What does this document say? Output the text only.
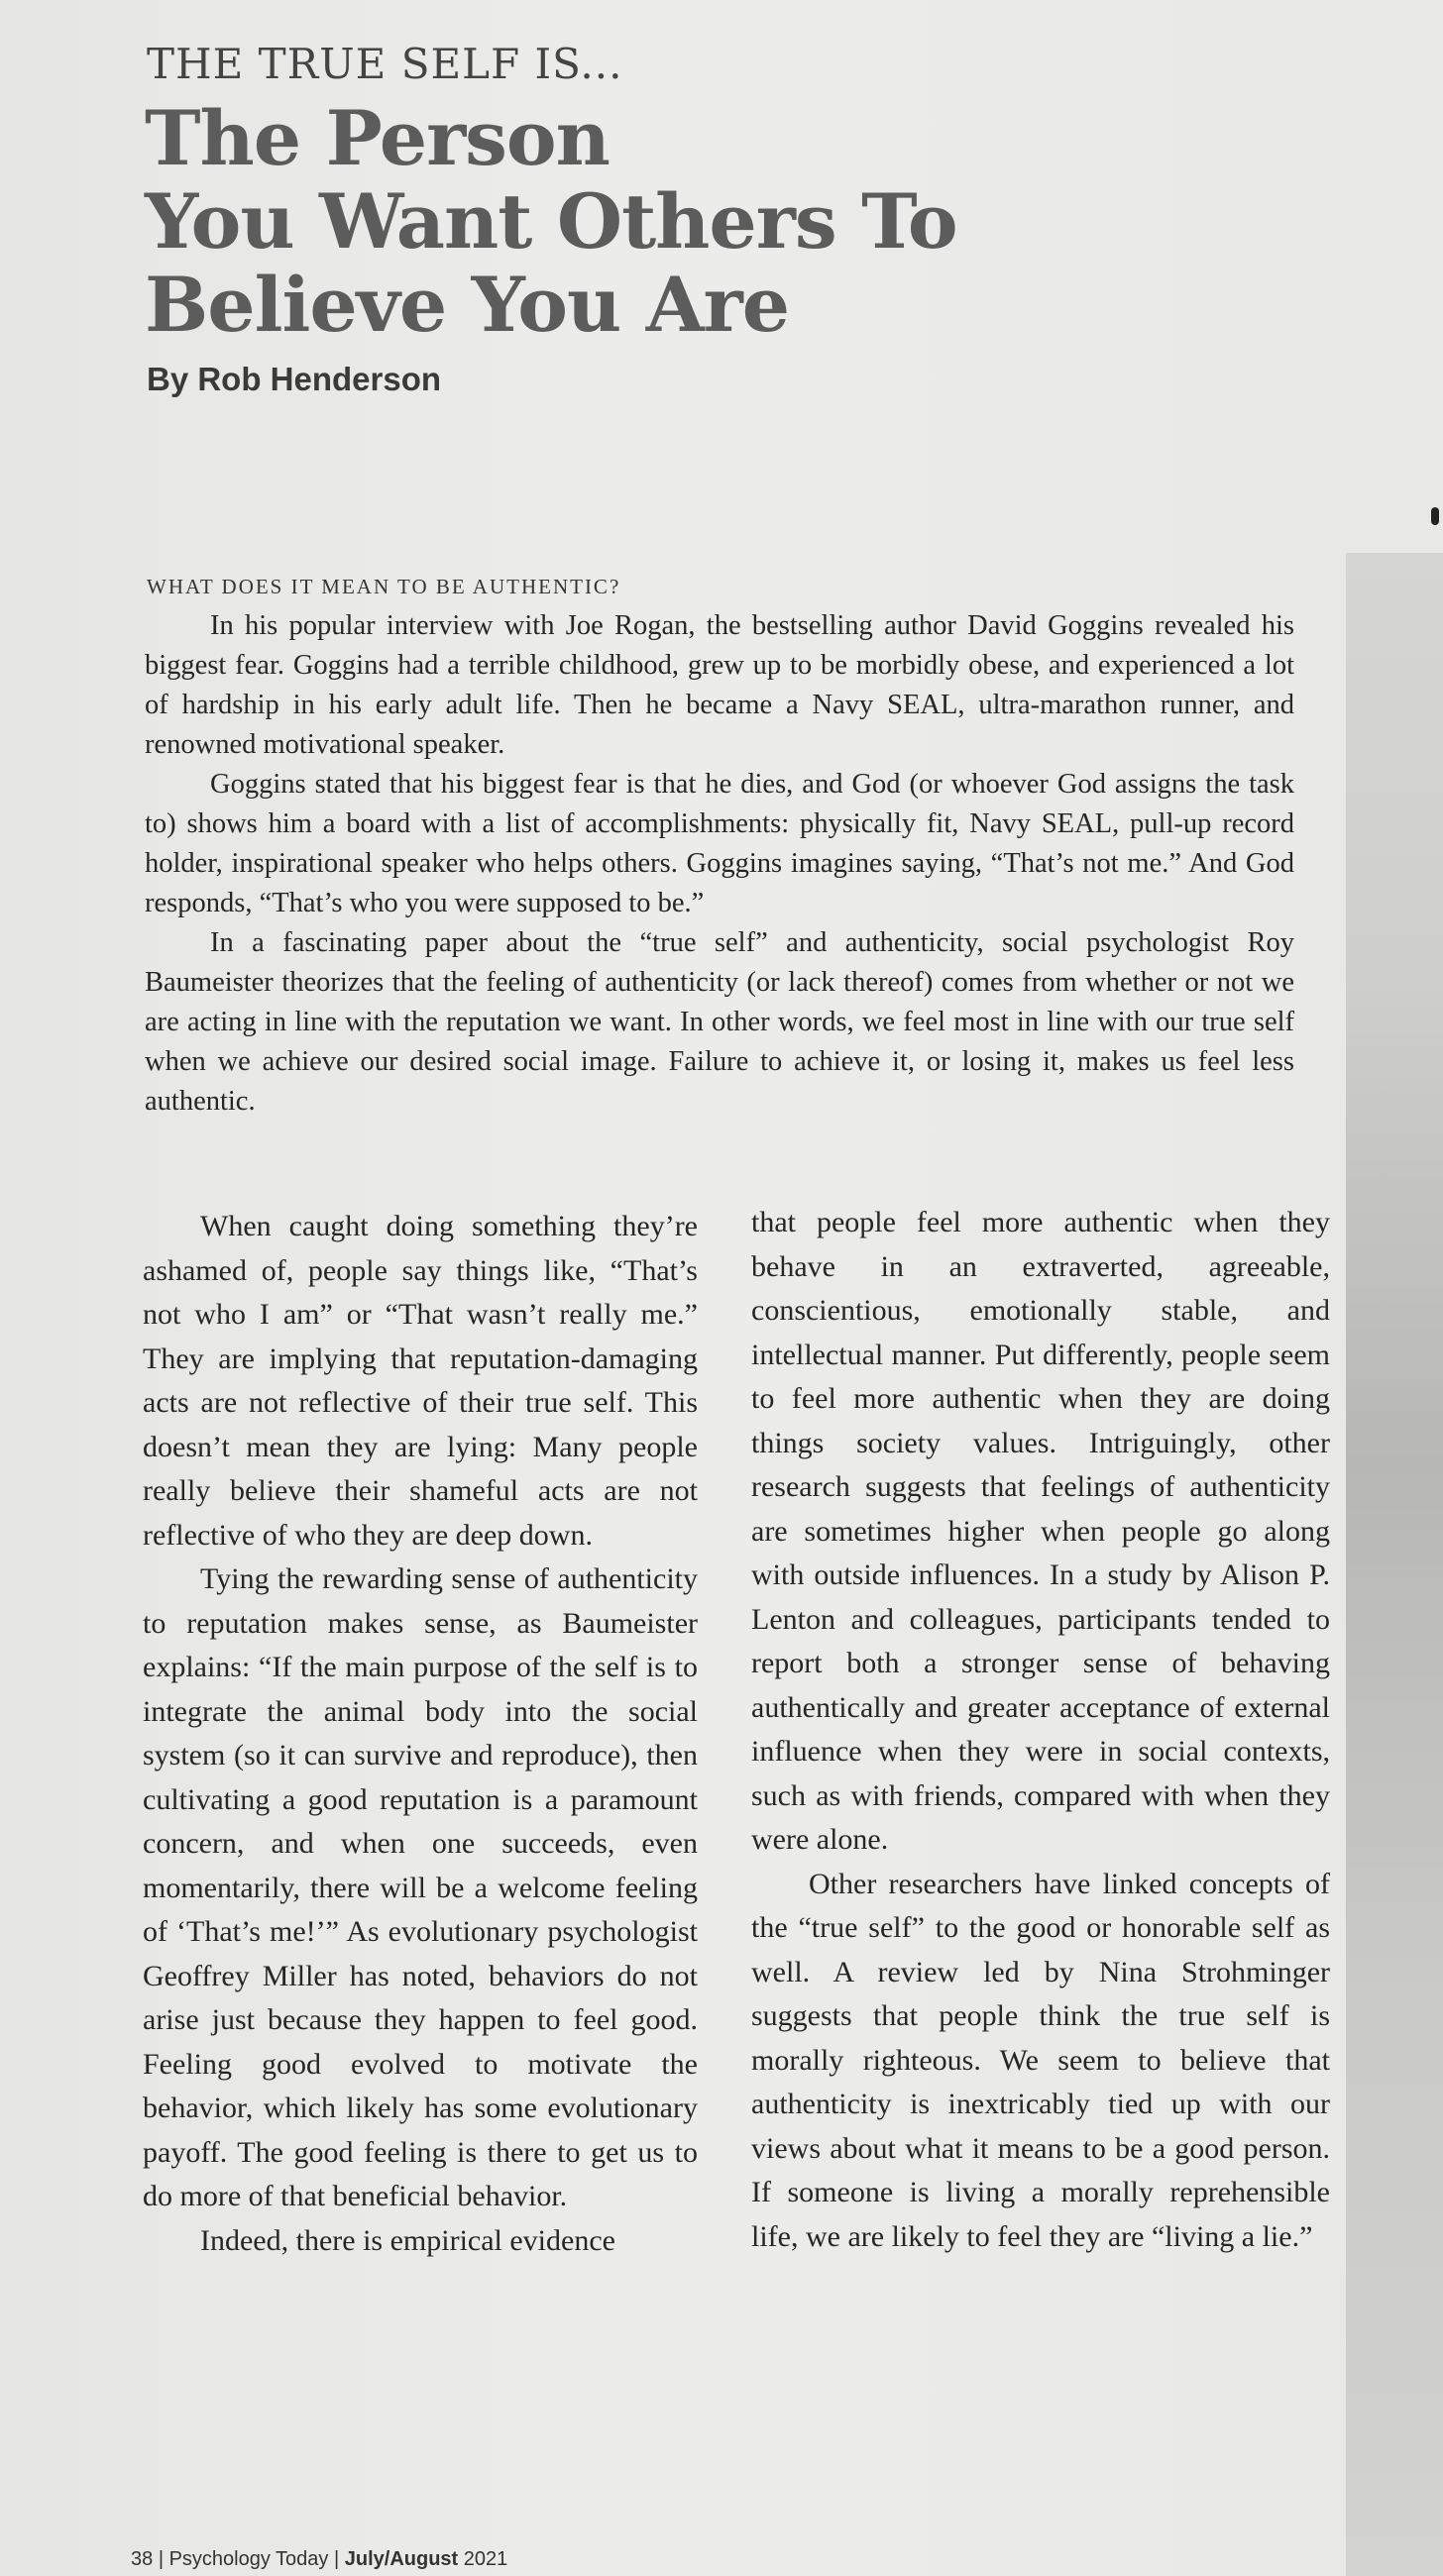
THE TRUE SELF IS...
The Person
You Want Others To
Believe You Are
By Rob Henderson
WHAT DOES IT MEAN TO BE AUTHENTIC?

In his popular interview with Joe Rogan, the bestselling author David Goggins revealed his biggest fear. Goggins had a terrible childhood, grew up to be morbidly obese, and experienced a lot of hardship in his early adult life. Then he became a Navy SEAL, ultra-marathon runner, and renowned motivational speaker.

Goggins stated that his biggest fear is that he dies, and God (or whoever God assigns the task to) shows him a board with a list of accomplishments: physically fit, Navy SEAL, pull-up record holder, inspirational speaker who helps others. Goggins imagines saying, “That’s not me.” And God responds, “That’s who you were supposed to be.”

In a fascinating paper about the “true self” and authenticity, social psychologist Roy Baumeister theorizes that the feeling of authenticity (or lack thereof) comes from whether or not we are acting in line with the reputation we want. In other words, we feel most in line with our true self when we achieve our desired social image. Failure to achieve it, or losing it, makes us feel less authentic.

When caught doing something they’re ashamed of, people say things like, “That’s not who I am” or “That wasn’t really me.” They are implying that reputation-damaging acts are not reflective of their true self. This doesn’t mean they are lying: Many people really believe their shameful acts are not reflective of who they are deep down.

Tying the rewarding sense of authenticity to reputation makes sense, as Baumeister explains: “If the main purpose of the self is to integrate the animal body into the social system (so it can survive and reproduce), then cultivating a good reputation is a paramount concern, and when one succeeds, even momentarily, there will be a welcome feeling of ‘That’s me!’” As evolutionary psychologist Geoffrey Miller has noted, behaviors do not arise just because they happen to feel good. Feeling good evolved to motivate the behavior, which likely has some evolutionary payoff. The good feeling is there to get us to do more of that beneficial behavior.

Indeed, there is empirical evidence

that people feel more authentic when they behave in an extraverted, agreeable, conscientious, emotionally stable, and intellectual manner. Put differently, people seem to feel more authentic when they are doing things society values. Intriguingly, other research suggests that feelings of authenticity are sometimes higher when people go along with outside influences. In a study by Alison P. Lenton and colleagues, participants tended to report both a stronger sense of behaving authentically and greater acceptance of external influence when they were in social contexts, such as with friends, compared with when they were alone.

Other researchers have linked concepts of the “true self” to the good or honorable self as well. A review led by Nina Strohminger suggests that people think the true self is morally righteous. We seem to believe that authenticity is inextricably tied up with our views about what it means to be a good person. If someone is living a morally reprehensible life, we are likely to feel they are “living a lie.”

38 | Psychology Today | July/August 2021
